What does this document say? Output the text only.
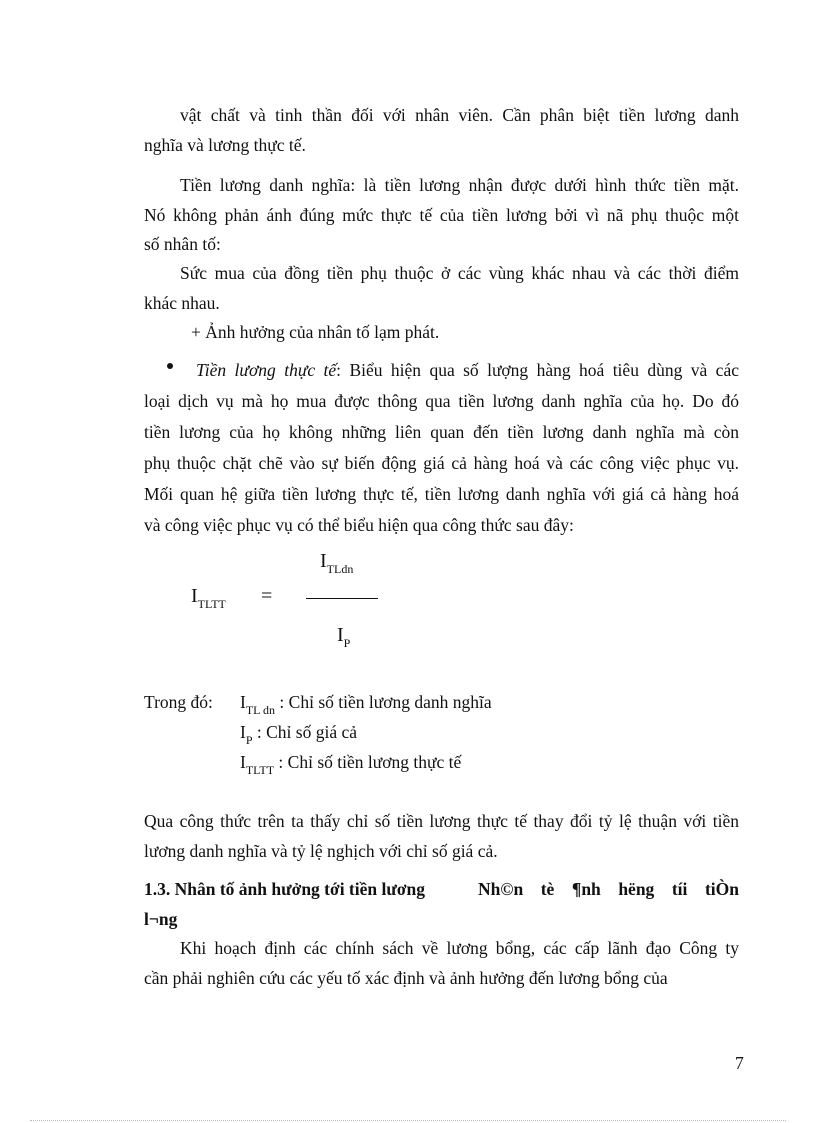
vật chất và tinh thần đối với nhân viên. Cần phân biệt tiền lương danh
nghĩa và lương thực tế.
Tiền lương danh nghĩa: là tiền lương nhận được dưới hình thức tiền mặt.
Nó không phản ánh đúng mức thực tế của tiền lương bởi vì nã phụ thuộc một
số nhân tố:
Sức mua của đồng tiền phụ thuộc ở các vùng khác nhau và các thời điểm
khác nhau.
+ Ảnh hưởng của nhân tố lạm phát.
Tiền lương thực tế: Biểu hiện qua số lượng hàng hoá tiêu dùng và các
loại dịch vụ mà họ mua được thông qua tiền lương danh nghĩa của họ. Do đó
tiền lương của họ không những liên quan đến tiền lương danh nghĩa mà còn
phụ thuộc chặt chẽ vào sự biến động giá cả hàng hoá và các công việc phục vụ.
Mối quan hệ giữa tiền lương thực tế, tiền lương danh nghĩa với giá cả hàng hoá
và công việc phục vụ có thể biểu hiện qua công thức sau đây:
$I_{TLTT}$ =
$I_{TLdn}$
$I_P$
Trong đó: $I_{TL dn}$ : Chỉ số tiền lương danh nghĩa
$I_P$ : Chỉ số giá cả
$I_{TLTT}$ : Chỉ số tiền lương thực tế
Qua công thức trên ta thấy chỉ số tiền lương thực tế thay đổi tỷ lệ thuận với tiền
lương danh nghĩa và tỷ lệ nghịch với chỉ số giá cả.
1.3. Nhân tố ảnh hưởng tới tiền lương	Nh©n tè ¶nh hëng tíi tiÒn
l¬ng
Khi hoạch định các chính sách về lương bổng, các cấp lãnh đạo Công ty
cần phải nghiên cứu các yếu tố xác định và ảnh hưởng đến lương bổng của
7
